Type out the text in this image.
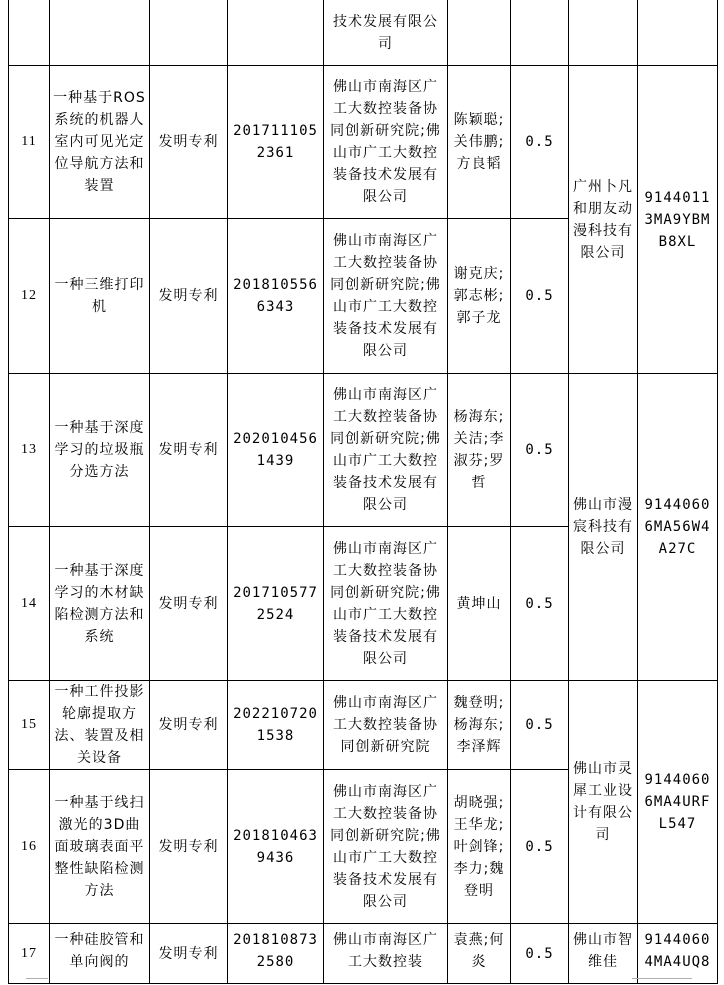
				技术发展有限公司				
11	一种基于ROS系统的机器人室内可见光定位导航方法和装置	发明专利	2017111052361	佛山市南海区广工大数控装备协同创新研究院;佛山市广工大数控装备技术发展有限公司	陈颖聪;关伟鹏;方良韬	0.5	广州卜凡和朋友动漫科技有限公司	91440113MA9YBMB8XL
12	一种三维打印机	发明专利	2018105566343	佛山市南海区广工大数控装备协同创新研究院;佛山市广工大数控装备技术发展有限公司	谢克庆;郭志彬;郭子龙	0.5		
13	一种基于深度学习的垃圾瓶分选方法	发明专利	2020104561439	佛山市南海区广工大数控装备协同创新研究院;佛山市广工大数控装备技术发展有限公司	杨海东;关洁;李淑芬;罗哲	0.5	佛山市漫宸科技有限公司	91440606MA56W4A27C
14	一种基于深度学习的木材缺陷检测方法和系统	发明专利	2017105772524	佛山市南海区广工大数控装备协同创新研究院;佛山市广工大数控装备技术发展有限公司	黄坤山	0.5		
15	一种工件投影轮廓提取方法、装置及相关设备	发明专利	2022107201538	佛山市南海区广工大数控装备协同创新研究院	魏登明;杨海东;李泽辉	0.5	佛山市灵犀工业设计有限公司	91440606MA4URFL547
16	一种基于线扫激光的3D曲面玻璃表面平整性缺陷检测方法	发明专利	2018104639436	佛山市南海区广工大数控装备协同创新研究院;佛山市广工大数控装备技术发展有限公司	胡晓强;王华龙;叶剑锋;李力;魏登明	0.5		
17	一种硅胶管和单向阀的	发明专利	2018108732580	佛山市南海区广工大数控装	袁燕;何炎	0.5	佛山市智维佳	91440604MA4UQ8
